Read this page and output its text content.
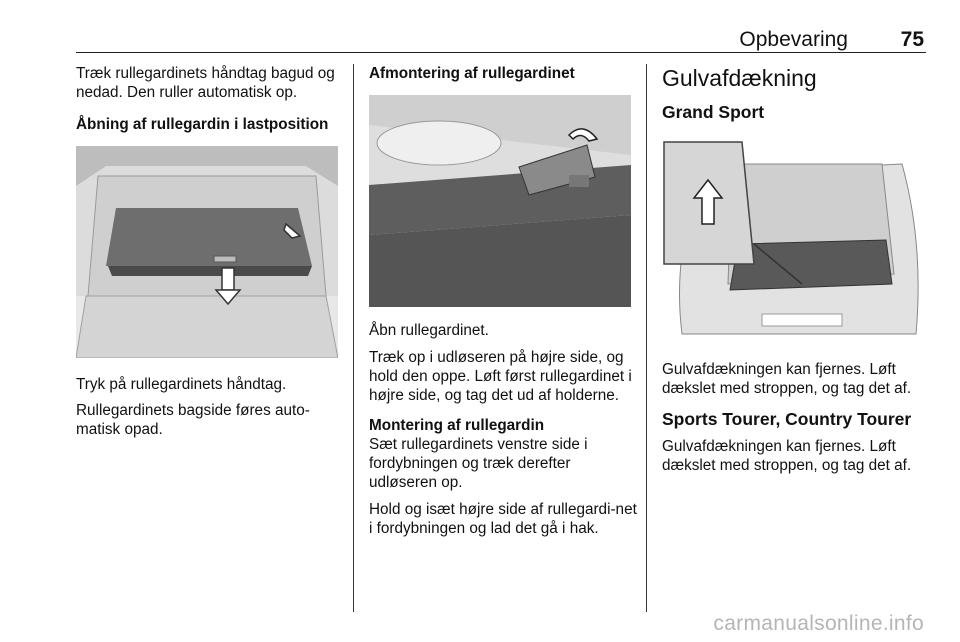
Opbevaring	75

Træk rullegardinets håndtag bagud og nedad. Den ruller automatisk op.

Åbning af rullegardin i lastposition

Tryk på rullegardinets håndtag.

Rullegardinets bagside føres auto-matisk opad.

Afmontering af rullegardinet

Åbn rullegardinet.

Træk op i udløseren på højre side, og hold den oppe. Løft først rullegardinet i højre side, og tag det ud af holderne.

Montering af rullegardin

Sæt rullegardinets venstre side i fordybningen og træk derefter udløseren op.

Hold og isæt højre side af rullegardi-net i fordybningen og lad det gå i hak.

Gulvafdækning
Grand Sport

Gulvafdækningen kan fjernes. Løft dækslet med stroppen, og tag det af.

Sports Tourer, Country Tourer

Gulvafdækningen kan fjernes. Løft dækslet med stroppen, og tag det af.

carmanualsonline.info
